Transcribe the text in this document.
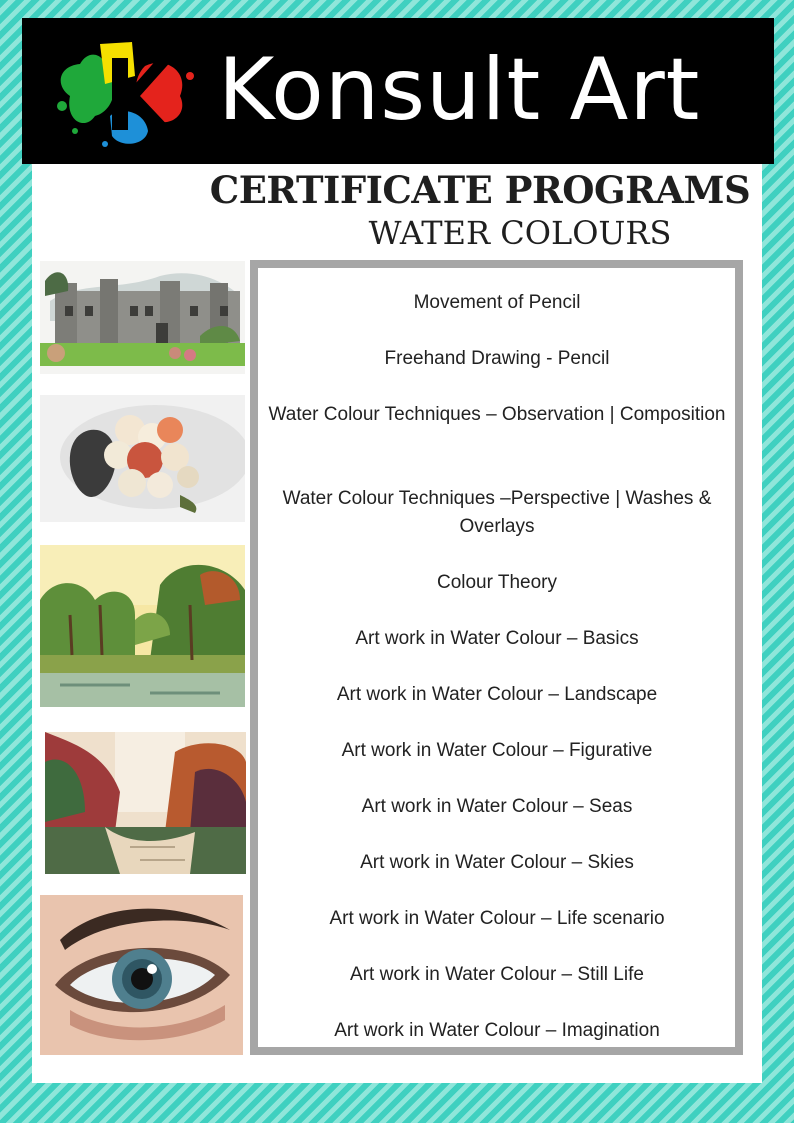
Konsult Art
CERTIFICATE PROGRAMS
WATER COLOURS
Movement of Pencil
Freehand Drawing - Pencil
Water Colour Techniques – Observation | Composition
Water Colour Techniques –Perspective | Washes & Overlays
Colour Theory
Art work in Water Colour – Basics
Art work in Water Colour – Landscape
Art work in Water Colour – Figurative
Art work in Water Colour – Seas
Art work in Water Colour – Skies
Art work in Water Colour – Life scenario
Art work in Water Colour – Still Life
Art work in Water Colour – Imagination
